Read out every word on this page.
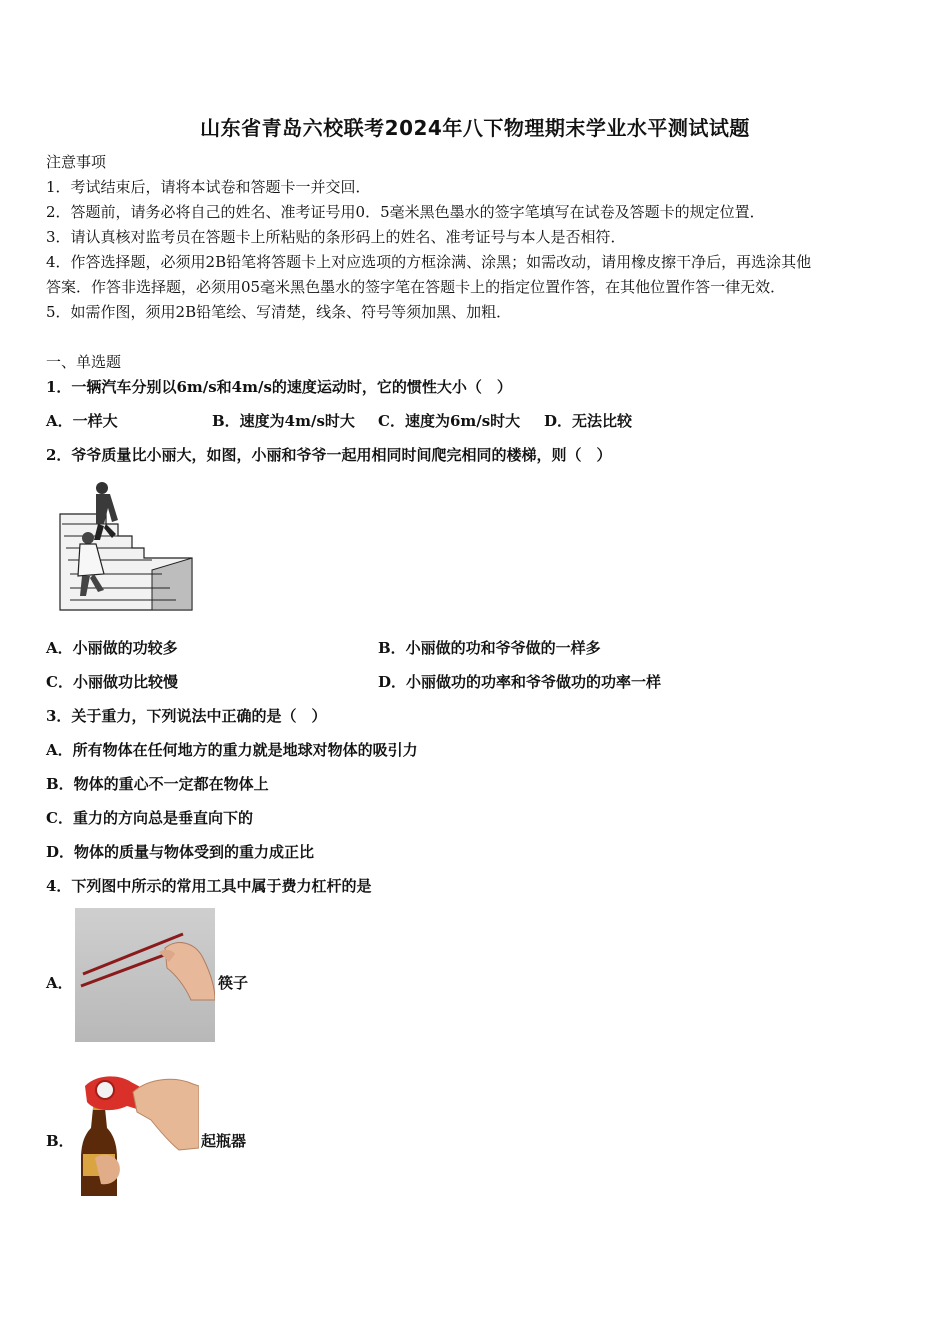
山东省青岛六校联考2024年八下物理期末学业水平测试试题
注意事项
1．考试结束后，请将本试卷和答题卡一并交回．
2．答题前，请务必将自己的姓名、准考证号用0．5毫米黑色墨水的签字笔填写在试卷及答题卡的规定位置．
3．请认真核对监考员在答题卡上所粘贴的条形码上的姓名、准考证号与本人是否相符．
4．作答选择题，必须用2B铅笔将答题卡上对应选项的方框涂满、涂黑；如需改动，请用橡皮擦干净后，再选涂其他
答案．作答非选择题，必须用05毫米黑色墨水的签字笔在答题卡上的指定位置作答，在其他位置作答一律无效．
5．如需作图，须用2B铅笔绘、写清楚，线条、符号等须加黑、加粗．
一、单选题
1．一辆汽车分别以6m/s和4m/s的速度运动时，它的惯性大小（　）
A．一样大	B．速度为4m/s时大 C．速度为6m/s时大 D．无法比较
2．爷爷质量比小丽大，如图，小丽和爷爷一起用相同时间爬完相同的楼梯，则（　）
A．小丽做的功较多	B．小丽做的功和爷爷做的一样多
C．小丽做功比较慢	D．小丽做功的功率和爷爷做功的功率一样
3．关于重力，下列说法中正确的是（　）
A．所有物体在任何地方的重力就是地球对物体的吸引力
B．物体的重心不一定都在物体上
C．重力的方向总是垂直向下的
D．物体的质量与物体受到的重力成正比
4．下列图中所示的常用工具中属于费力杠杆的是
A．	筷子
B．	起瓶器
